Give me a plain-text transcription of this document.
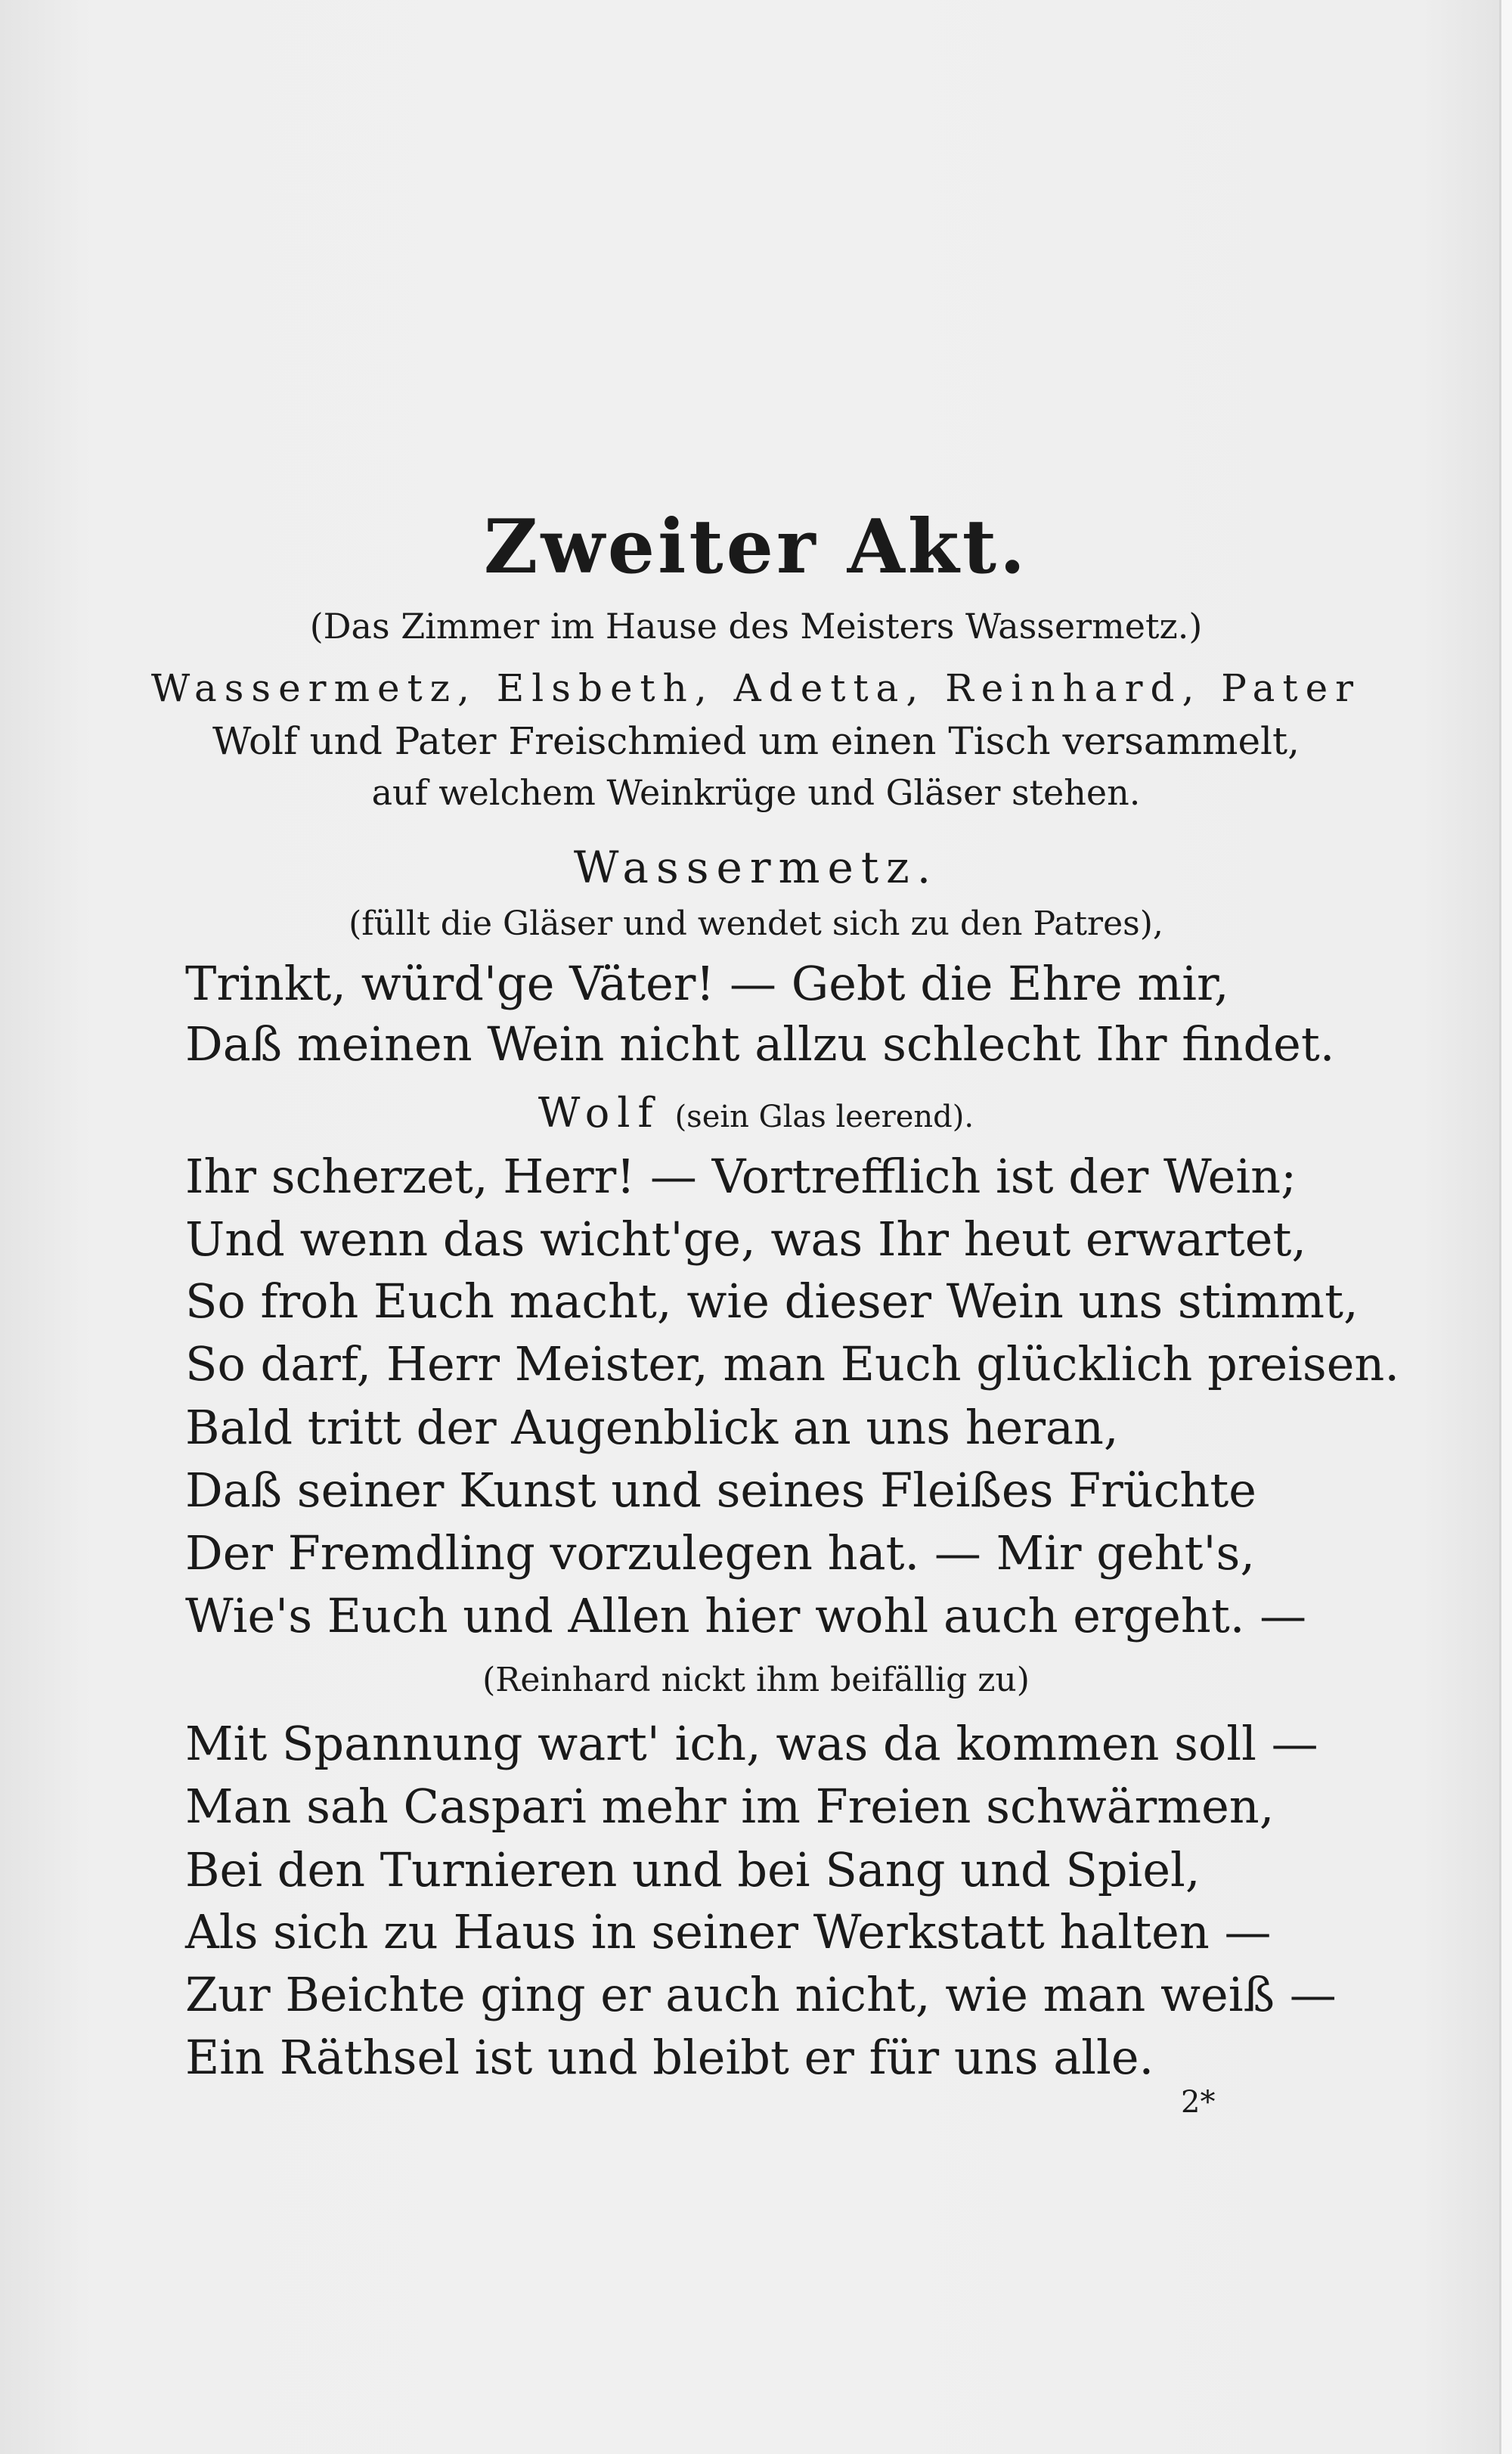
Zweiter Akt.
(Das Zimmer im Hause des Meisters Wassermetz.)
Wassermetz, Elsbeth, Adetta, Reinhard, Pater
Wolf und Pater Freischmied um einen Tisch versammelt,
auf welchem Weinkrüge und Gläser stehen.
Wassermetz.
(füllt die Gläser und wendet sich zu den Patres),
Trinkt, würd'ge Väter! — Gebt die Ehre mir,
Daß meinen Wein nicht allzu schlecht Ihr findet.
Wolf (sein Glas leerend).
Ihr scherzet, Herr! — Vortrefflich ist der Wein;
Und wenn das wicht'ge, was Ihr heut erwartet,
So froh Euch macht, wie dieser Wein uns stimmt,
So darf, Herr Meister, man Euch glücklich preisen.
Bald tritt der Augenblick an uns heran,
Daß seiner Kunst und seines Fleißes Früchte
Der Fremdling vorzulegen hat. — Mir geht's,
Wie's Euch und Allen hier wohl auch ergeht. —
(Reinhard nickt ihm beifällig zu)
Mit Spannung wart' ich, was da kommen soll —
Man sah Caspari mehr im Freien schwärmen,
Bei den Turnieren und bei Sang und Spiel,
Als sich zu Haus in seiner Werkstatt halten —
Zur Beichte ging er auch nicht, wie man weiß —
Ein Räthsel ist und bleibt er für uns alle.
2*
